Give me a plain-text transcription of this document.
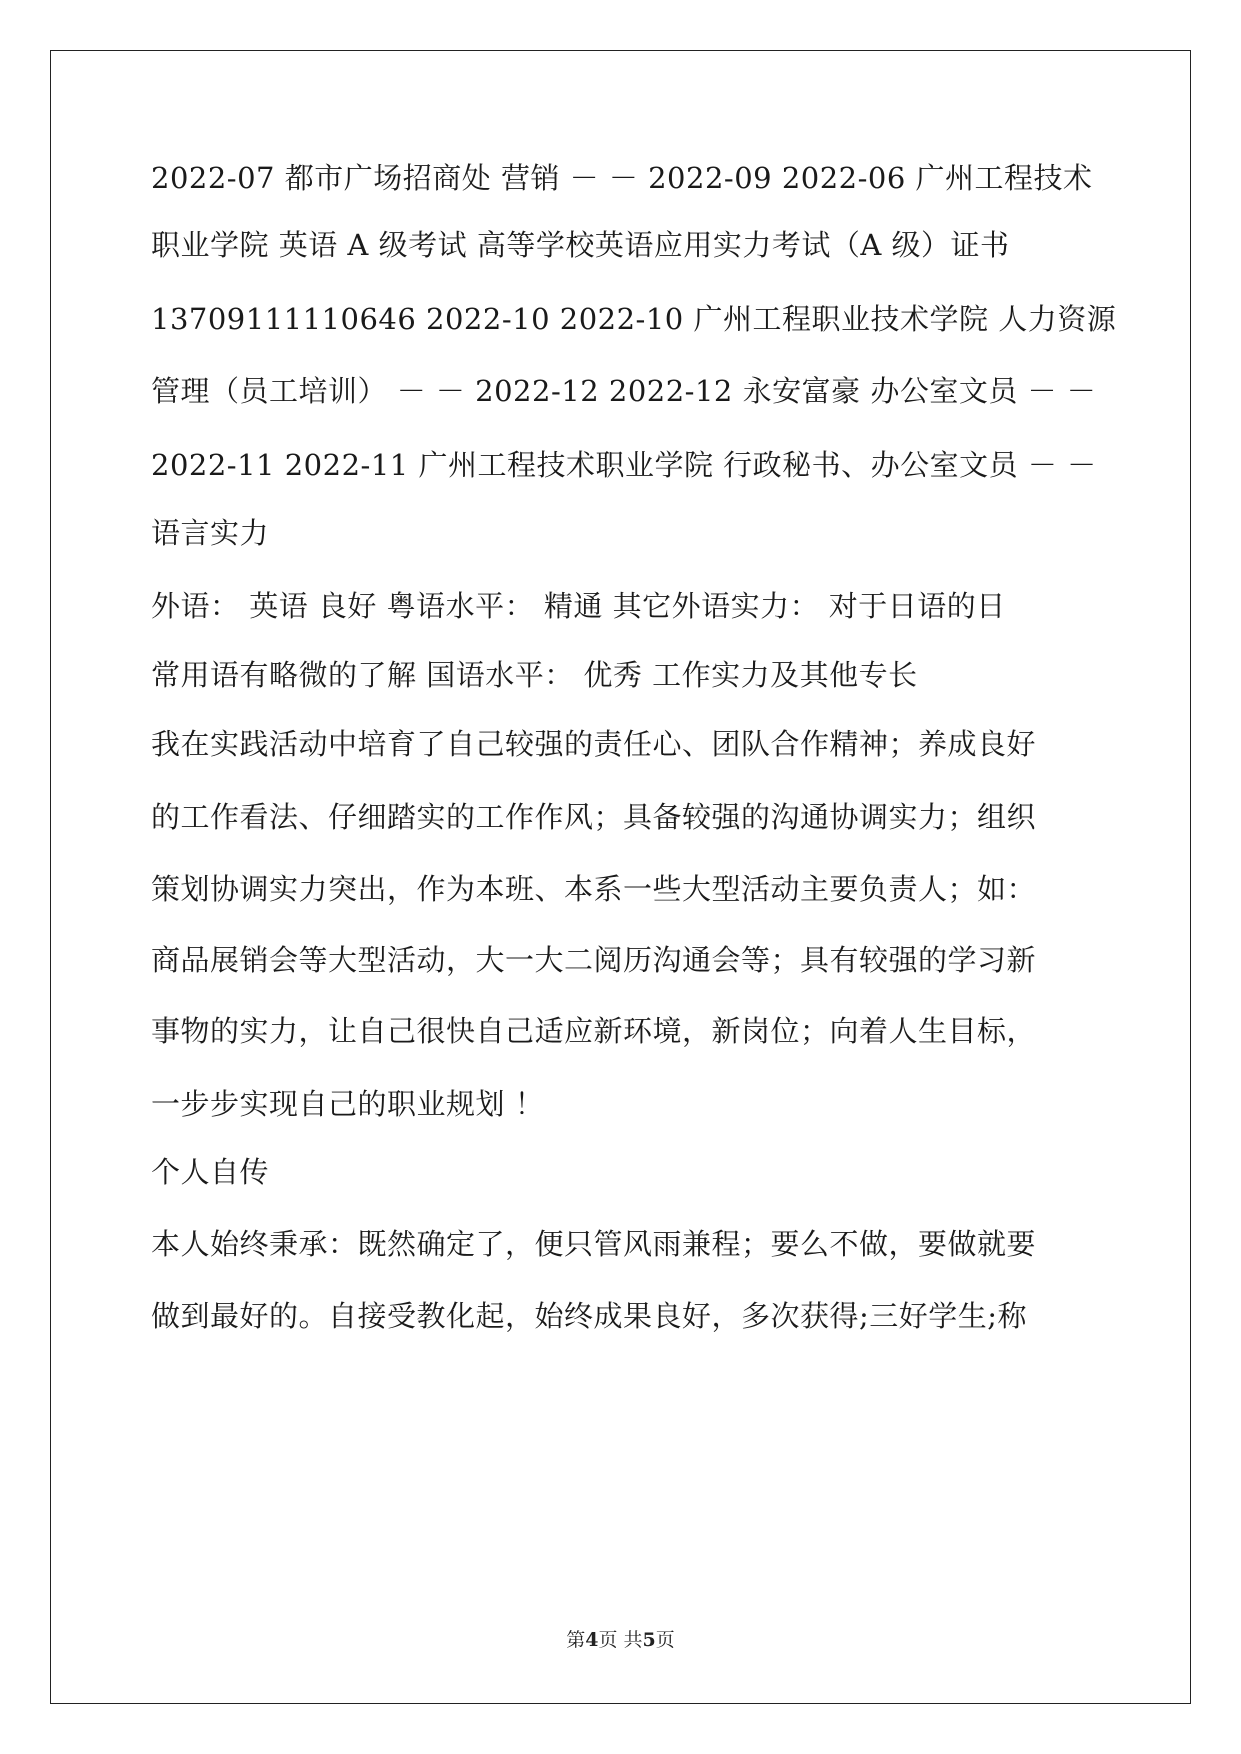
2022-07 都市广场招商处 营销 － － 2022-09 2022-06 广州工程技术
职业学院 英语 A 级考试 高等学校英语应用实力考试（A 级）证书
13709111110646 2022-10 2022-10 广州工程职业技术学院 人力资源
管理（员工培训） － － 2022-12 2022-12 永安富豪 办公室文员 － －
2022-11 2022-11 广州工程技术职业学院 行政秘书、办公室文员 － －
语言实力
外语： 英语 良好 粤语水平： 精通 其它外语实力： 对于日语的日
常用语有略微的了解 国语水平： 优秀 工作实力及其他专长
我在实践活动中培育了自己较强的责任心、团队合作精神；养成良好
的工作看法、仔细踏实的工作作风；具备较强的沟通协调实力；组织
策划协调实力突出，作为本班、本系一些大型活动主要负责人；如：
商品展销会等大型活动，大一大二阅历沟通会等；具有较强的学习新
事物的实力，让自己很快自己适应新环境，新岗位；向着人生目标，
一步步实现自己的职业规划 ！
个人自传
本人始终秉承：既然确定了，便只管风雨兼程；要么不做，要做就要
做到最好的。自接受教化起，始终成果良好，多次获得;三好学生;称
第4页 共5页
